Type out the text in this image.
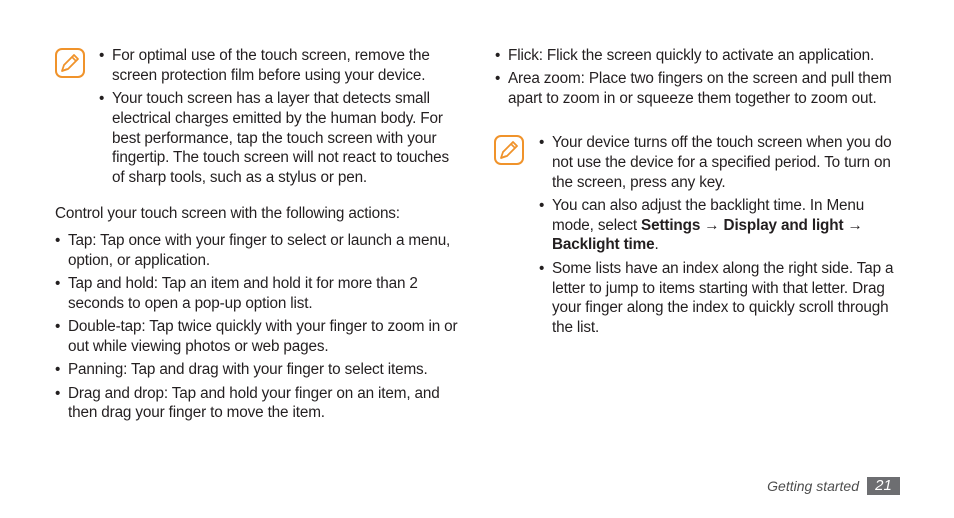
• For optimal use of the touch screen, remove the screen protection film before using your device.
• Your touch screen has a layer that detects small electrical charges emitted by the human body. For best performance, tap the touch screen with your fingertip. The touch screen will not react to touches of sharp tools, such as a stylus or pen.

Control your touch screen with the following actions:

• Tap: Tap once with your finger to select or launch a menu, option, or application.
• Tap and hold: Tap an item and hold it for more than 2 seconds to open a pop-up option list.
• Double-tap: Tap twice quickly with your finger to zoom in or out while viewing photos or web pages.
• Panning: Tap and drag with your finger to select items.
• Drag and drop: Tap and hold your finger on an item, and then drag your finger to move the item.
• Flick: Flick the screen quickly to activate an application.
• Area zoom: Place two fingers on the screen and pull them apart to zoom in or squeeze them together to zoom out.
• Your device turns off the touch screen when you do not use the device for a specified period. To turn on the screen, press any key.
• You can also adjust the backlight time. In Menu mode, select Settings → Display and light → Backlight time.
• Some lists have an index along the right side. Tap a letter to jump to items starting with that letter. Drag your finger along the index to quickly scroll through the list.
Getting started	21
